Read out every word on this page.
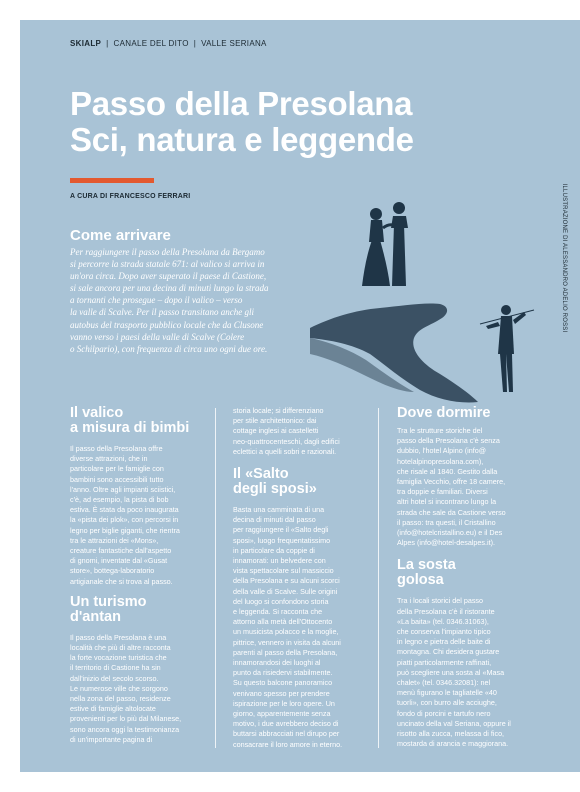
SKIALP | CANALE DEL DITO | VALLE SERIANA
Passo della Presolana
Sci, natura e leggende
A CURA DI FRANCESCO FERRARI	ILLUSTRAZIONE DI ALESSANDRO ADELIO ROSSI
Come arrivare

Per raggiungere il passo della Presolana da Bergamo
si percorre la strada statale 671: al valico si arriva in
un'ora circa. Dopo aver superato il paese di Castione,
si sale ancora per una decina di minuti lungo la strada
a tornanti che prosegue – dopo il valico – verso
la valle di Scalve. Per il passo transitano anche gli
autobus del trasporto pubblico locale che da Clusone
vanno verso i paesi della valle di Scalve (Colere
o Schilpario), con frequenza di circa uno ogni due ore.

Il valico
a misura di bimbi

Il passo della Presolana offre
diverse attrazioni, che in
particolare per le famiglie con
bambini sono accessibili tutto
l'anno. Oltre agli impianti sciistici,
c'è, ad esempio, la pista di bob
estiva. È stata da poco inaugurata
la «pista dei plok», con percorsi in
legno per biglie giganti, che rientra
tra le attrazioni dei «Mons»,
creature fantastiche dall'aspetto
di gnomi, inventate dal «Gusat
store», bottega-laboratorio
artigianale che si trova al passo.

Un turismo
d'antan

Il passo della Presolana è una
località che più di altre racconta
la forte vocazione turistica che
il territorio di Castione ha sin
dall'inizio del secolo scorso.
Le numerose ville che sorgono
nella zona del passo, residenze
estive di famiglie altolocate
provenienti per lo più dal Milanese,
sono ancora oggi la testimonianza
di un'importante pagina di

storia locale; si differenziano
per stile architettonico: dai
cottage inglesi ai castelletti
neo-quattrocenteschi, dagli edifici
eclettici a quelli sobri e razionali.

Il «Salto
degli sposi»

Basta una camminata di una
decina di minuti dal passo
per raggiungere il «Salto degli
sposi», luogo frequentatissimo
in particolare da coppie di
innamorati: un belvedere con
vista spettacolare sul massiccio
della Presolana e su alcuni scorci
della valle di Scalve. Sulle origini
del luogo si confondono storia
e leggenda. Si racconta che
attorno alla metà dell'Ottocento
un musicista polacco e la moglie,
pittrice, vennero in visita da alcuni
parenti al passo della Presolana,
innamorandosi dei luoghi al
punto da risiedervi stabilmente.
Su questo balcone panoramico
venivano spesso per prendere
ispirazione per le loro opere. Un
giorno, apparentemente senza
motivo, i due avrebbero deciso di
buttarsi abbracciati nel dirupo per
consacrare il loro amore in eterno.

Dove dormire

Tra le strutture storiche del
passo della Presolana c'è senza
dubbio, l'hotel Alpino (info@
hotelalpinopresolana.com),
che risale al 1840. Gestito dalla
famiglia Vecchio, offre 18 camere,
tra doppie e familiari. Diversi
altri hotel si incontrano lungo la
strada che sale da Castione verso
il passo: tra questi, il Cristallino
(info@hotelcristallino.eu) e il Des
Alpes (info@hotel-desalpes.it).

La sosta
golosa

Tra i locali storici del passo
della Presolana c'è il ristorante
«La baita» (tel. 0346.31063),
che conserva l'impianto tipico
in legno e pietra delle baite di
montagna. Chi desidera gustare
piatti particolarmente raffinati,
può scegliere una sosta al «Masa
chalet» (tel. 0346.32081): nel
menù figurano le tagliatelle «40
tuorli», con burro alle acciughe,
fondo di porcini e tartufo nero
uncinato della val Seriana, oppure il
risotto alla zucca, melassa di fico,
mostarda di arancia e maggiorana.
